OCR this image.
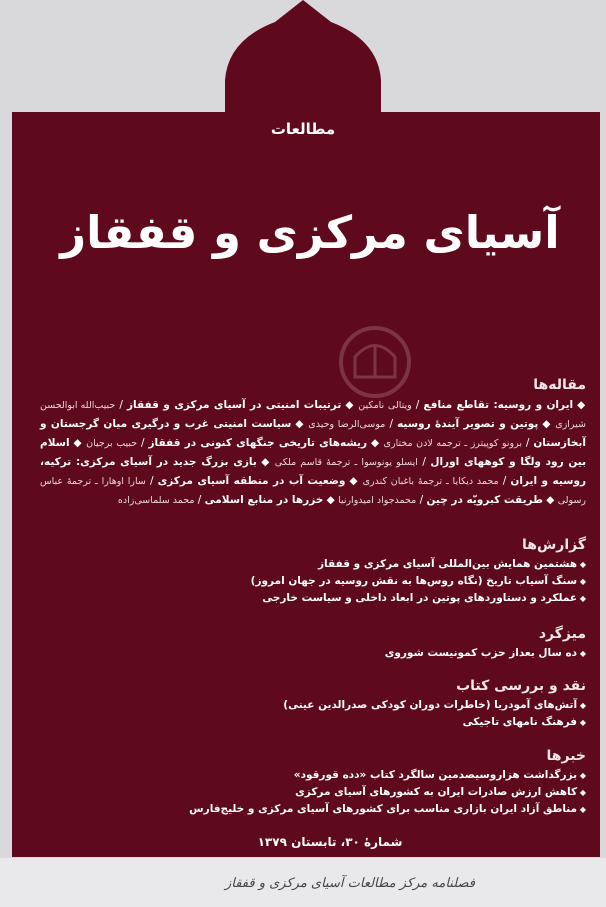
مطالعات
آسیای مرکزی و قفقاز
مقاله‌ها
◆ ایران و روسیه: تقاطع منافع / ویتالی نامکین ◆ ترتیبات امنیتی در آسیای مرکزی و قفقاز / حبیب‌الله ابوالحسن شیرازی ◆ پوتین و تصویر آیندهٔ روسیه / موسی‌الرضا وحیدی ◆ سیاست امنیتی غرب و درگیری میان گرجستان و آبخازستان / برونو کوپیترز ـ ترجمه لادن مختاری ◆ ریشه‌های تاریخی جنگهای کنونی در قفقاز / حبیب برجیان ◆ اسلام بین رود ولگا و کوههای اورال / ایسلو یونوسوا ـ ترجمهٔ قاسم ملکی ◆ بازی بزرگ جدید در آسیای مرکزی: ترکیه، روسیه و ایران / محمد دیکایا ـ ترجمهٔ باغبان کندری ◆ وضعیت آب در منطقه آسیای مرکزی / سارا اوهارا ـ ترجمهٔ عباس رسولی ◆ طریقت کبرویّه در چین / محمدجواد امیدوارنیا ◆ خزرها در منابع اسلامی / محمد سلماسی‌زاده
گزارش‌ها
◆ هشتمین همایش بین‌المللی آسیای مرکزی و قفقاز
◆ سنگ آسیاب تاریخ (نگاه روس‌ها به نقش روسیه در جهان امروز)
◆ عملکرد و دستاوردهای پوتین در ابعاد داخلی و سیاست خارجی
میزگرد
◆ ده سال بعداز حزب کمونیست شوروی
نقد و بررسی کتاب
◆ آتش‌های آمودریا (خاطرات دوران کودکی صدرالدین عینی)
◆ فرهنگ نامهای تاجیکی
خبرها
◆ بزرگداشت هزاروسیصدمین سالگرد کتاب «دده قورقود»
◆ کاهش ارزش صادرات ایران به کشورهای آسیای مرکزی
◆ مناطق آزاد ایران بازاری مناسب برای کشورهای آسیای مرکزی و خلیج‌فارس
شمارهٔ ۳۰، تابستان ۱۳۷۹
فصلنامه مرکز مطالعات آسیای مرکزی و قفقاز
